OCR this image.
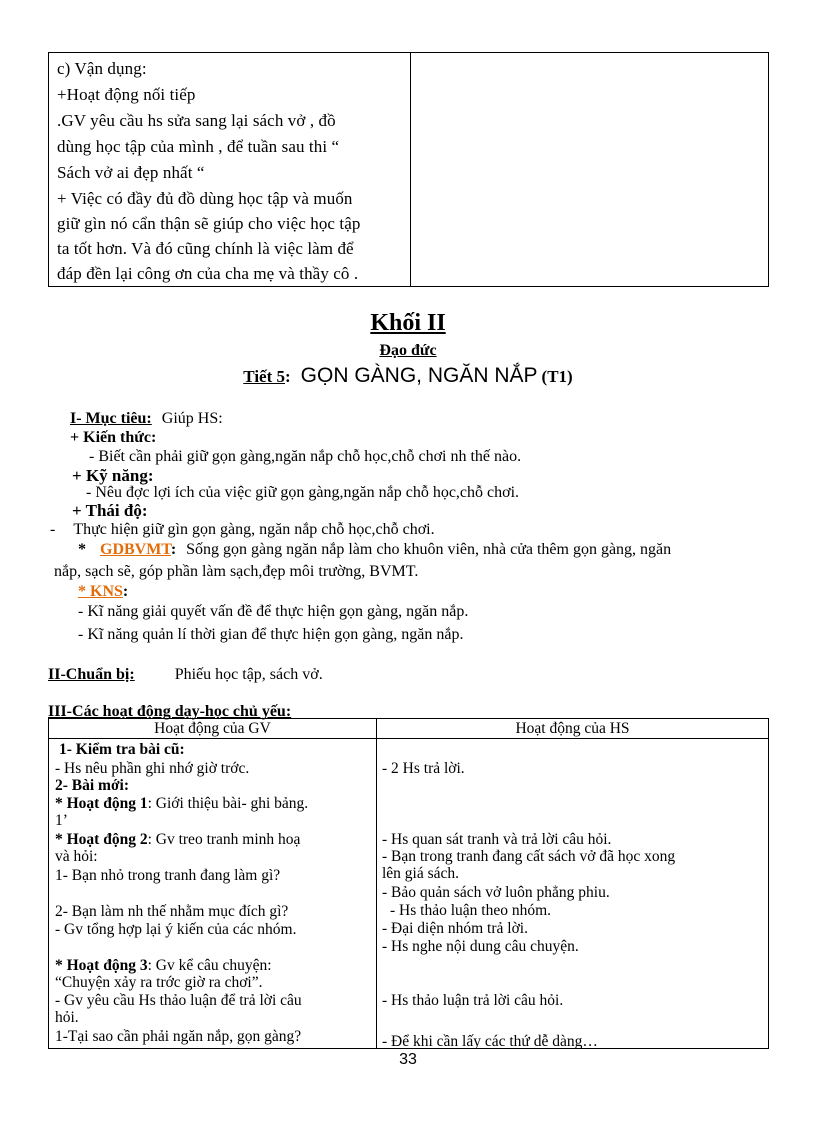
c) Vận dụng:
+Hoạt động nối tiếp
.GV yêu cầu hs sửa sang lại sách vở , đồ
dùng học tập của mình , để tuần sau thi “
Sách vở ai đẹp nhất “
+ Việc có đầy đủ đồ dùng học tập và muốn
giữ gìn nó cẩn thận sẽ giúp cho việc học tập
ta tốt hơn. Và đó cũng chính là việc làm để
đáp đền lại công ơn của cha mẹ và thầy cô .
Khối II
Đạo đức
Tiết 5: GỌN GÀNG, NGĂN NẮP (T1)
I- Mục tiêu: Giúp HS:
+ Kiến thức:
- Biết cần phải giữ gọn gàng,ngăn nắp chỗ học,chỗ chơi nh thế nào.
+ Kỹ năng:
- Nêu đợc lợi ích của việc giữ gọn gàng,ngăn nắp chỗ học,chỗ chơi.
+ Thái độ:
- Thực hiện giữ gìn gọn gàng, ngăn nắp chỗ học,chỗ chơi.
* GDBVMT: Sống gọn gàng ngăn nắp làm cho khuôn viên, nhà cửa thêm gọn gàng, ngăn
nắp, sạch sẽ, góp phần làm sạch,đẹp môi trường, BVMT.
* KNS:
- Kĩ năng giải quyết vấn đề để thực hiện gọn gàng, ngăn nắp.
- Kĩ năng quản lí thời gian để thực hiện gọn gàng, ngăn nắp.
II-Chuẩn bị:	Phiếu học tập, sách vở.
III-Các hoạt động dạy-học chủ yếu:
Hoạt động của GV	Hoạt động của HS
1- Kiểm tra bài cũ:
- Hs nêu phần ghi nhớ giờ trớc.
2- Bài mới:
* Hoạt động 1: Giới thiệu bài- ghi bảng.
1’
* Hoạt động 2: Gv treo tranh minh hoạ
và hỏi:
1- Bạn nhỏ trong tranh đang làm gì?
2- Bạn làm nh thế nhằm mục đích gì?
- Gv tổng hợp lại ý kiến của các nhóm.
* Hoạt động 3: Gv kể câu chuyện:
“Chuyện xảy ra trớc giờ ra chơi”.
- Gv yêu cầu Hs thảo luận để trả lời câu
hỏi.
1-Tại sao cần phải ngăn nắp, gọn gàng?
- 2 Hs trả lời.
- Hs quan sát tranh và trả lời câu hỏi.
- Bạn trong tranh đang cất sách vở đã học xong
lên giá sách.
- Bảo quản sách vở luôn phẳng phiu.
- Hs thảo luận theo nhóm.
- Đại diện nhóm trả lời.
- Hs nghe nội dung câu chuyện.
- Hs thảo luận trả lời câu hỏi.
- Để khi cần lấy các thứ dễ dàng…
33
